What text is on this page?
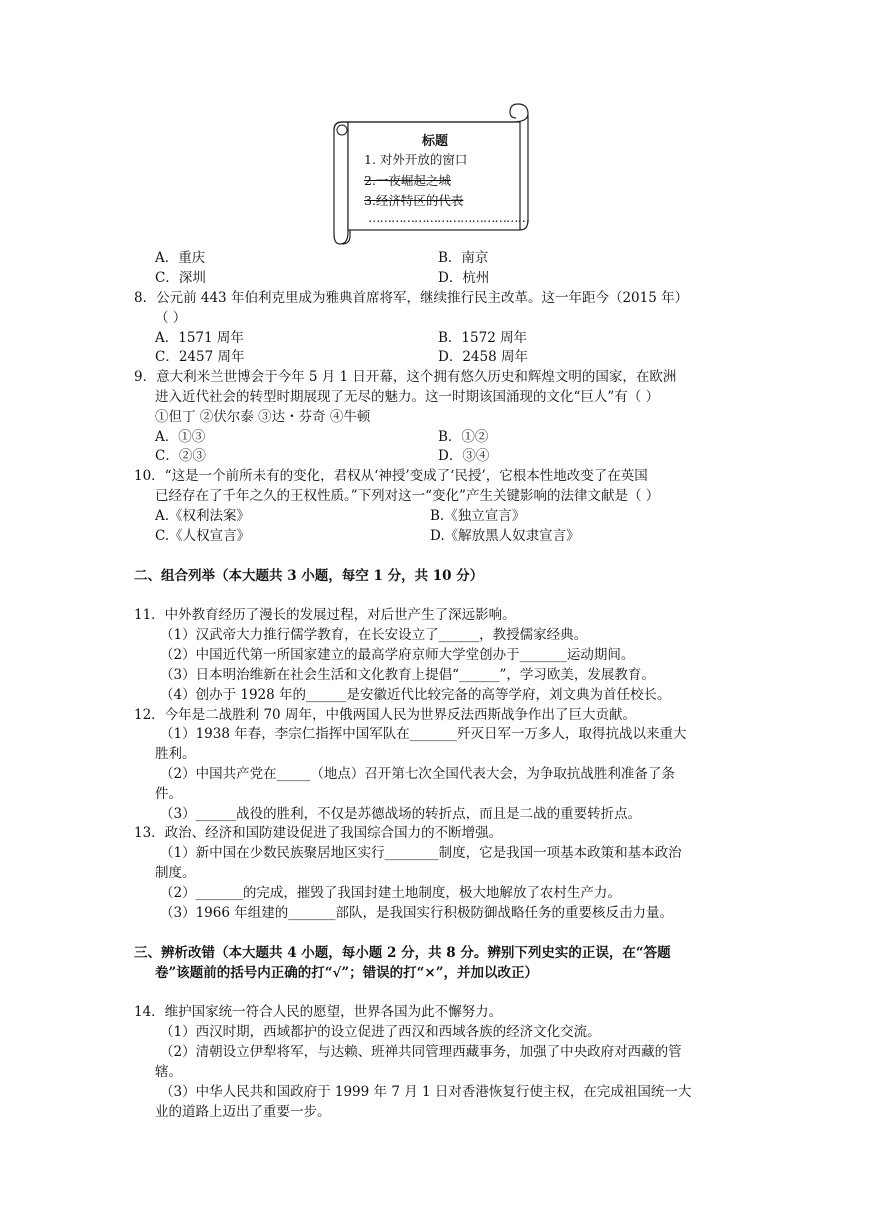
标题
1. 对外开放的窗口
2.一夜崛起之城
3.经济特区的代表
……………………………………
A．重庆	B．南京
C．深圳	D．杭州
8．公元前 443 年伯利克里成为雅典首席将军，继续推行民主改革。这一年距今（2015 年）
（ ）
A．1571 周年	B．1572 周年
C．2457 周年	D．2458 周年
9．意大利米兰世博会于今年 5 月 1 日开幕，这个拥有悠久历史和辉煌文明的国家，在欧洲
进入近代社会的转型时期展现了无尽的魅力。这一时期该国涌现的文化“巨人”有（ ）
①但丁 ②伏尔泰 ③达・芬奇 ④牛顿
A．①③	B．①②
C．②③	D．③④
10．“这是一个前所未有的变化，君权从‘神授’变成了‘民授’，它根本性地改变了在英国
已经存在了千年之久的王权性质。”下列对这一“变化”产生关键影响的法律文献是（ ）
A.《权利法案》	B.《独立宣言》
C.《人权宣言》	D.《解放黑人奴隶宣言》
二、组合列举（本大题共 3 小题，每空 1 分，共 10 分）
11．中外教育经历了漫长的发展过程，对后世产生了深远影响。
（1）汉武帝大力推行儒学教育，在长安设立了______，教授儒家经典。
（2）中国近代第一所国家建立的最高学府京师大学堂创办于_______运动期间。
（3）日本明治维新在社会生活和文化教育上提倡“______”，学习欧美，发展教育。
（4）创办于 1928 年的______是安徽近代比较完备的高等学府，刘文典为首任校长。
12．今年是二战胜利 70 周年，中俄两国人民为世界反法西斯战争作出了巨大贡献。
（1）1938 年春，李宗仁指挥中国军队在_______歼灭日军一万多人，取得抗战以来重大
胜利。
（2）中国共产党在_____（地点）召开第七次全国代表大会，为争取抗战胜利准备了条
件。
（3）______战役的胜利，不仅是苏德战场的转折点，而且是二战的重要转折点。
13．政治、经济和国防建设促进了我国综合国力的不断增强。
（1）新中国在少数民族聚居地区实行________制度，它是我国一项基本政策和基本政治
制度。
（2）_______的完成，摧毁了我国封建土地制度，极大地解放了农村生产力。
（3）1966 年组建的_______部队，是我国实行积极防御战略任务的重要核反击力量。
三、辨析改错（本大题共 4 小题，每小题 2 分，共 8 分。辨别下列史实的正误，在“答题
卷”该题前的括号内正确的打“√”；错误的打“×”，并加以改正）
14．维护国家统一符合人民的愿望，世界各国为此不懈努力。
（1）西汉时期，西域都护的设立促进了西汉和西域各族的经济文化交流。
（2）清朝设立伊犁将军，与达赖、班禅共同管理西藏事务，加强了中央政府对西藏的管
辖。
（3）中华人民共和国政府于 1999 年 7 月 1 日对香港恢复行使主权，在完成祖国统一大
业的道路上迈出了重要一步。
